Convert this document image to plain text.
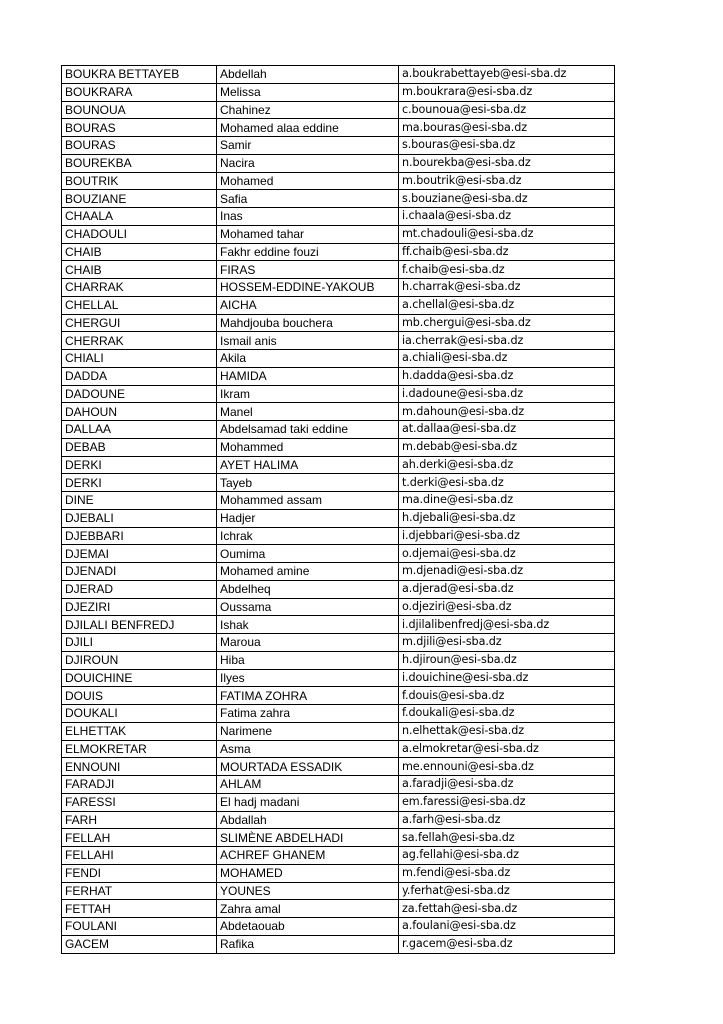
BOUKRA BETTAYEB	Abdellah	a.boukrabettayeb@esi-sba.dz
BOUKRARA	Melissa	m.boukrara@esi-sba.dz
BOUNOUA	Chahinez	c.bounoua@esi-sba.dz
BOURAS	Mohamed alaa eddine	ma.bouras@esi-sba.dz
BOURAS	Samir	s.bouras@esi-sba.dz
BOUREKBA	Nacira	n.bourekba@esi-sba.dz
BOUTRIK	Mohamed	m.boutrik@esi-sba.dz
BOUZIANE	Safia	s.bouziane@esi-sba.dz
CHAALA	Inas	i.chaala@esi-sba.dz
CHADOULI	Mohamed tahar	mt.chadouli@esi-sba.dz
CHAIB	Fakhr eddine fouzi	ff.chaib@esi-sba.dz
CHAIB	FIRAS	f.chaib@esi-sba.dz
CHARRAK	HOSSEM-EDDINE-YAKOUB	h.charrak@esi-sba.dz
CHELLAL	AICHA	a.chellal@esi-sba.dz
CHERGUI	Mahdjouba bouchera	mb.chergui@esi-sba.dz
CHERRAK	Ismail anis	ia.cherrak@esi-sba.dz
CHIALI	Akila	a.chiali@esi-sba.dz
DADDA	HAMIDA	h.dadda@esi-sba.dz
DADOUNE	Ikram	i.dadoune@esi-sba.dz
DAHOUN	Manel	m.dahoun@esi-sba.dz
DALLAA	Abdelsamad taki eddine	at.dallaa@esi-sba.dz
DEBAB	Mohammed	m.debab@esi-sba.dz
DERKI	AYET HALIMA	ah.derki@esi-sba.dz
DERKI	Tayeb	t.derki@esi-sba.dz
DINE	Mohammed assam	ma.dine@esi-sba.dz
DJEBALI	Hadjer	h.djebali@esi-sba.dz
DJEBBARI	Ichrak	i.djebbari@esi-sba.dz
DJEMAI	Oumima	o.djemai@esi-sba.dz
DJENADI	Mohamed amine	m.djenadi@esi-sba.dz
DJERAD	Abdelheq	a.djerad@esi-sba.dz
DJEZIRI	Oussama	o.djeziri@esi-sba.dz
DJILALI BENFREDJ	Ishak	i.djilalibenfredj@esi-sba.dz
DJILI	Maroua	m.djili@esi-sba.dz
DJIROUN	Hiba	h.djiroun@esi-sba.dz
DOUICHINE	Ilyes	i.douichine@esi-sba.dz
DOUIS	FATIMA ZOHRA	f.douis@esi-sba.dz
DOUKALI	Fatima zahra	f.doukali@esi-sba.dz
ELHETTAK	Narimene	n.elhettak@esi-sba.dz
ELMOKRETAR	Asma	a.elmokretar@esi-sba.dz
ENNOUNI	MOURTADA ESSADIK	me.ennouni@esi-sba.dz
FARADJI	AHLAM	a.faradji@esi-sba.dz
FARESSI	El hadj madani	em.faressi@esi-sba.dz
FARH	Abdallah	a.farh@esi-sba.dz
FELLAH	SLIMÈNE ABDELHADI	sa.fellah@esi-sba.dz
FELLAHI	ACHREF GHANEM	ag.fellahi@esi-sba.dz
FENDI	MOHAMED	m.fendi@esi-sba.dz
FERHAT	YOUNES	y.ferhat@esi-sba.dz
FETTAH	Zahra amal	za.fettah@esi-sba.dz
FOULANI	Abdetaouab	a.foulani@esi-sba.dz
GACEM	Rafika	r.gacem@esi-sba.dz
